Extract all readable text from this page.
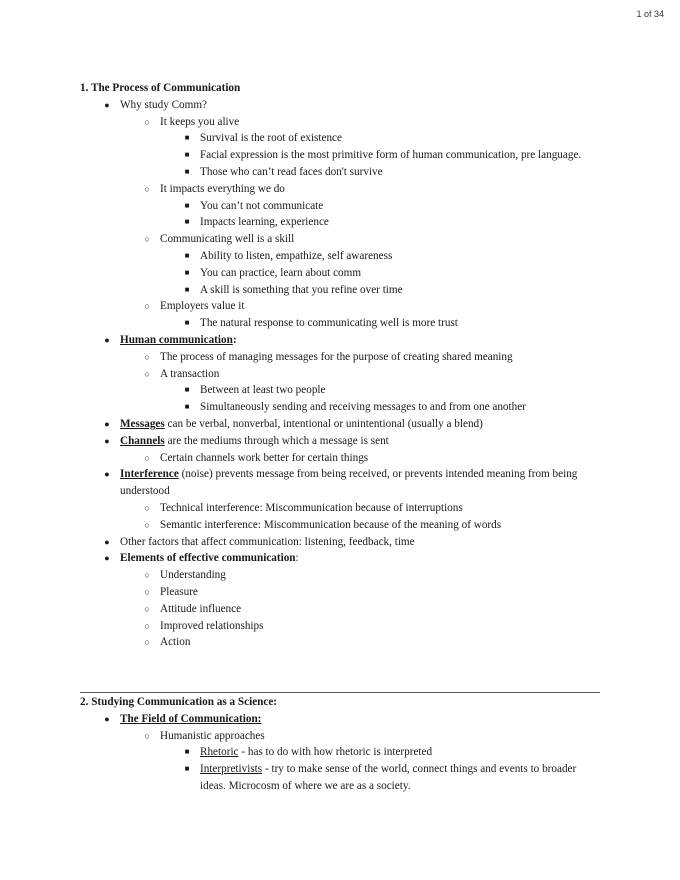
1 of 34

1. The Process of Communication

● Why study Comm?
○ It keeps you alive
■ Survival is the root of existence
■ Facial expression is the most primitive form of human communication, pre language.
■ Those who can’t read faces don't survive
○ It impacts everything we do
■ You can’t not communicate
■ Impacts learning, experience
○ Communicating well is a skill
■ Ability to listen, empathize, self awareness
■ You can practice, learn about comm
■ A skill is something that you refine over time
○ Employers value it
■ The natural response to communicating well is more trust
● Human communication:
○ The process of managing messages for the purpose of creating shared meaning
○ A transaction
■ Between at least two people
■ Simultaneously sending and receiving messages to and from one another
● Messages can be verbal, nonverbal, intentional or unintentional (usually a blend)
● Channels are the mediums through which a message is sent
○ Certain channels work better for certain things
● Interference (noise) prevents message from being received, or prevents intended meaning from being understood
○ Technical interference: Miscommunication because of interruptions
○ Semantic interference: Miscommunication because of the meaning of words
● Other factors that affect communication: listening, feedback, time
● Elements of effective communication:
○ Understanding
○ Pleasure
○ Attitude influence
○ Improved relationships
○ Action

2. Studying Communication as a Science:

● The Field of Communication:
○ Humanistic approaches
■ Rhetoric - has to do with how rhetoric is interpreted
■ Interpretivists - try to make sense of the world, connect things and events to broader ideas. Microcosm of where we are as a society.
